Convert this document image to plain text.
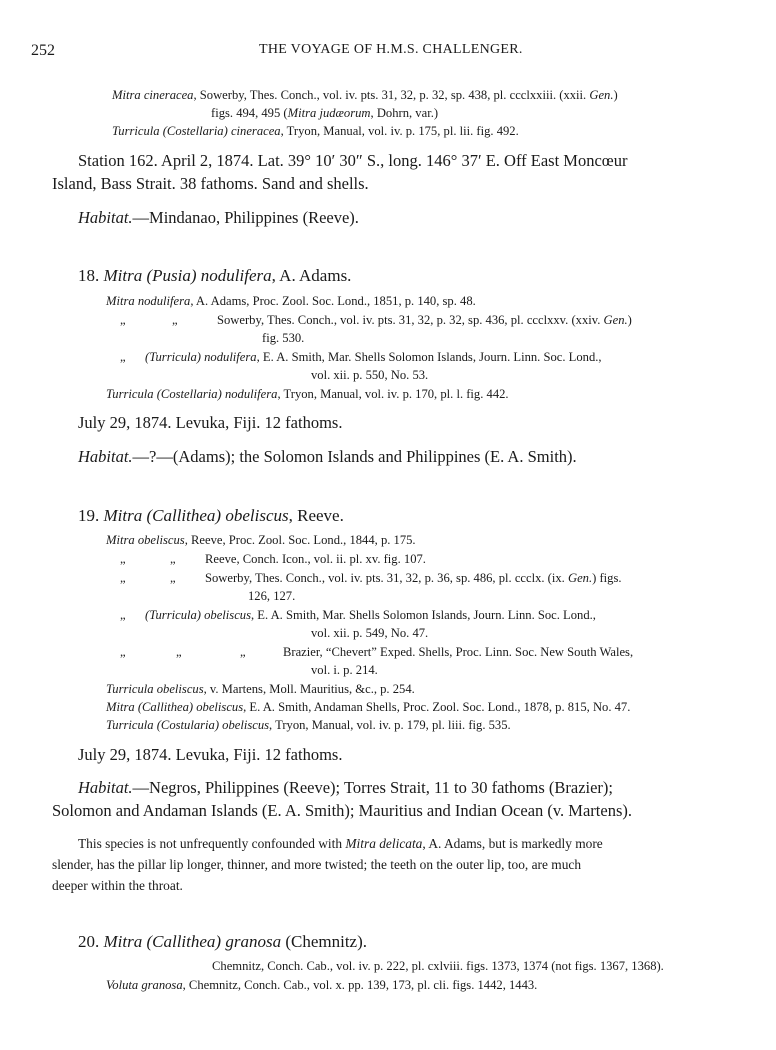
252	THE VOYAGE OF H.M.S. CHALLENGER.
Mitra cineracea, Sowerby, Thes. Conch., vol. iv. pts. 31, 32, p. 32, sp. 438, pl. ccclxxiii. (xxii. Gen.)
figs. 494, 495 (Mitra judæorum, Dohrn, var.)
Turricula (Costellaria) cineracea, Tryon, Manual, vol. iv. p. 175, pl. lii. fig. 492.
Station 162. April 2, 1874. Lat. 39° 10′ 30″ S., long. 146° 37′ E. Off East Moncœur
Island, Bass Strait. 38 fathoms. Sand and shells.
Habitat.—Mindanao, Philippines (Reeve).
18. Mitra (Pusia) nodulifera, A. Adams.
Mitra nodulifera, A. Adams, Proc. Zool. Soc. Lond., 1851, p. 140, sp. 48.
„	„	Sowerby, Thes. Conch., vol. iv. pts. 31, 32, p. 32, sp. 436, pl. ccclxxv. (xxiv. Gen.)
fig. 530.
„ (Turricula) nodulifera, E. A. Smith, Mar. Shells Solomon Islands, Journ. Linn. Soc. Lond.,
vol. xii. p. 550, No. 53.
Turricula (Costellaria) nodulifera, Tryon, Manual, vol. iv. p. 170, pl. l. fig. 442.
July 29, 1874. Levuka, Fiji. 12 fathoms.
Habitat.—?—(Adams); the Solomon Islands and Philippines (E. A. Smith).
19. Mitra (Callithea) obeliscus, Reeve.
Mitra obeliscus, Reeve, Proc. Zool. Soc. Lond., 1844, p. 175.
„	„ Reeve, Conch. Icon., vol. ii. pl. xv. fig. 107.
„	„ Sowerby, Thes. Conch., vol. iv. pts. 31, 32, p. 36, sp. 486, pl. ccclx. (ix. Gen.) figs.
126, 127.
„ (Turricula) obeliscus, E. A. Smith, Mar. Shells Solomon Islands, Journ. Linn. Soc. Lond.,
vol. xii. p. 549, No. 47.
„	„	„	Brazier, “Chevert” Exped. Shells, Proc. Linn. Soc. New South Wales,
vol. i. p. 214.
Turricula obeliscus, v. Martens, Moll. Mauritius, &c., p. 254.
Mitra (Callithea) obeliscus, E. A. Smith, Andaman Shells, Proc. Zool. Soc. Lond., 1878, p. 815, No. 47.
Turricula (Costularia) obeliscus, Tryon, Manual, vol. iv. p. 179, pl. liii. fig. 535.
July 29, 1874. Levuka, Fiji. 12 fathoms.
Habitat.—Negros, Philippines (Reeve); Torres Strait, 11 to 30 fathoms (Brazier);
Solomon and Andaman Islands (E. A. Smith); Mauritius and Indian Ocean (v. Martens).
This species is not unfrequently confounded with Mitra delicata, A. Adams, but is markedly more
slender, has the pillar lip longer, thinner, and more twisted; the teeth on the outer lip, too, are much
deeper within the throat.
20. Mitra (Callithea) granosa (Chemnitz).
Chemnitz, Conch. Cab., vol. iv. p. 222, pl. cxlviii. figs. 1373, 1374 (not figs. 1367, 1368).
Voluta granosa, Chemnitz, Conch. Cab., vol. x. pp. 139, 173, pl. cli. figs. 1442, 1443.
